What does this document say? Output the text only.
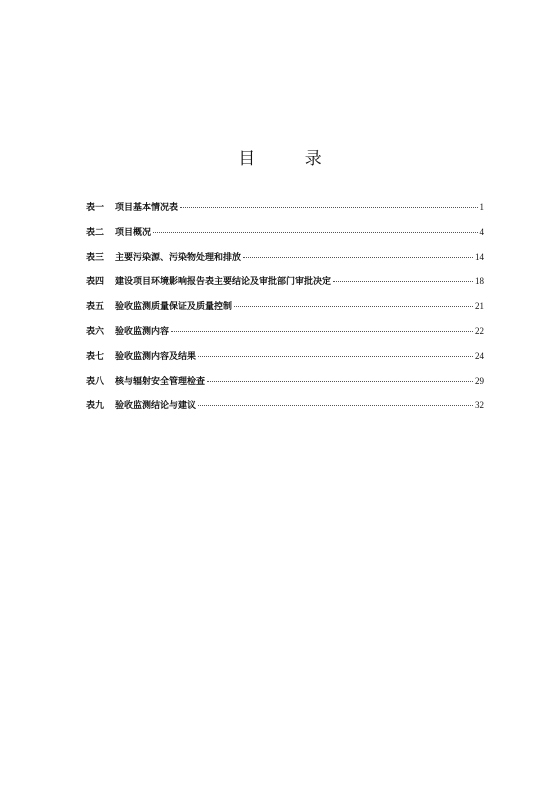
目 录
表一	项目基本情况表	1
表二	项目概况	4
表三	主要污染源、污染物处理和排放	14
表四	建设项目环境影响报告表主要结论及审批部门审批决定	18
表五	验收监测质量保证及质量控制	21
表六	验收监测内容	22
表七	验收监测内容及结果	24
表八	核与辐射安全管理检查	29
表九	验收监测结论与建议	32
